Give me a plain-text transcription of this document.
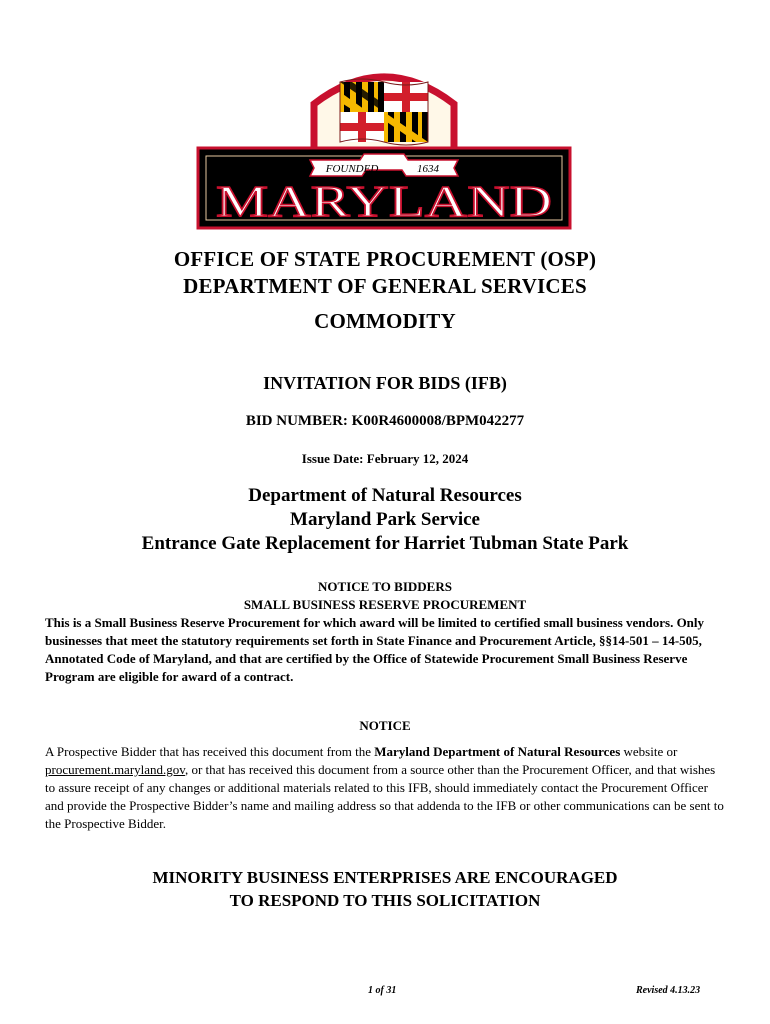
FOUNDED	1634
MARYLAND
OFFICE OF STATE PROCUREMENT (OSP)
DEPARTMENT OF GENERAL SERVICES
COMMODITY
INVITATION FOR BIDS (IFB)
BID NUMBER: K00R4600008/BPM042277
Issue Date: February 12, 2024
Department of Natural Resources
Maryland Park Service
Entrance Gate Replacement for Harriet Tubman State Park
NOTICE TO BIDDERS
SMALL BUSINESS RESERVE PROCUREMENT
This is a Small Business Reserve Procurement for which award will be limited to certified small business vendors. Only businesses that meet the statutory requirements set forth in State Finance and Procurement Article, §§14-501 – 14-505, Annotated Code of Maryland, and that are certified by the Office of Statewide Procurement Small Business Reserve Program are eligible for award of a contract.
NOTICE
A Prospective Bidder that has received this document from the Maryland Department of Natural Resources website or procurement.maryland.gov, or that has received this document from a source other than the Procurement Officer, and that wishes to assure receipt of any changes or additional materials related to this IFB, should immediately contact the Procurement Officer and provide the Prospective Bidder’s name and mailing address so that addenda to the IFB or other communications can be sent to the Prospective Bidder.
MINORITY BUSINESS ENTERPRISES ARE ENCOURAGED
TO RESPOND TO THIS SOLICITATION
1 of 31	Revised 4.13.23
